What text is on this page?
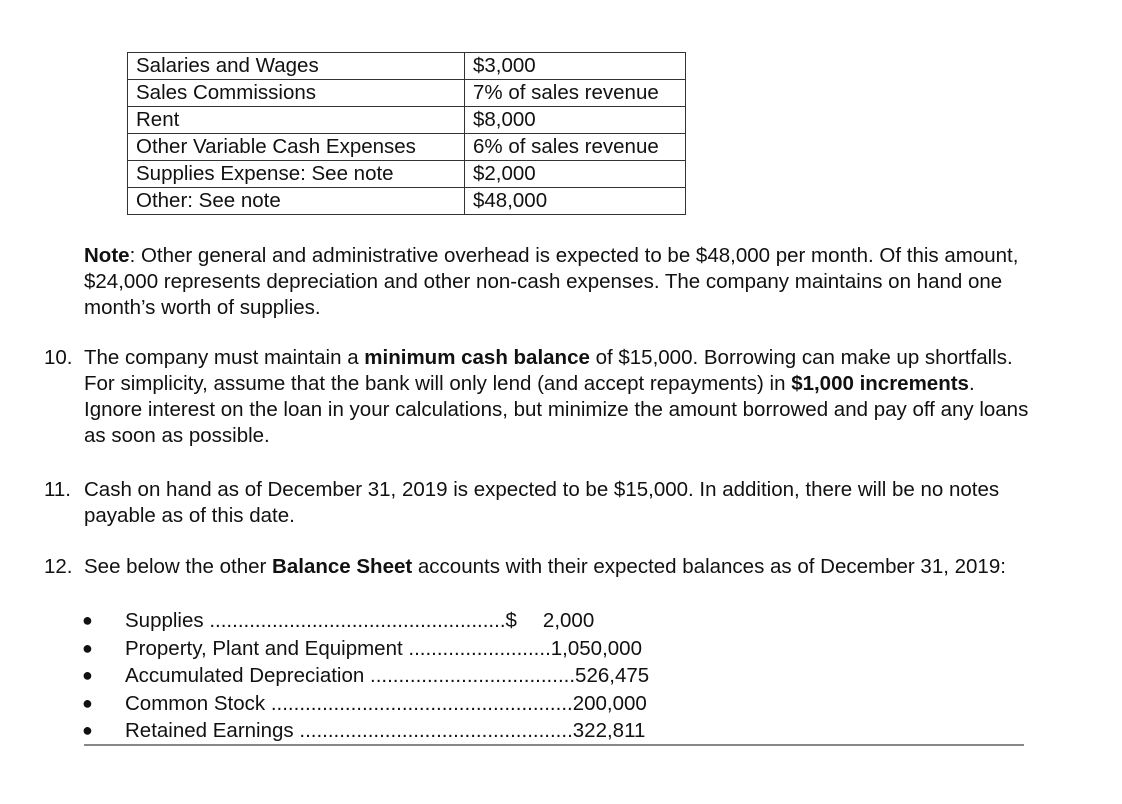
Salaries and Wages	$3,000
Sales Commissions	7% of sales revenue
Rent	$8,000
Other Variable Cash Expenses	6% of sales revenue
Supplies Expense: See note	$2,000
Other: See note	$48,000
Note: Other general and administrative overhead is expected to be $48,000 per month. Of this amount, $24,000 represents depreciation and other non-cash expenses. The company maintains on hand one month’s worth of supplies.
10. The company must maintain a minimum cash balance of $15,000. Borrowing can make up shortfalls. For simplicity, assume that the bank will only lend (and accept repayments) in $1,000 increments. Ignore interest on the loan in your calculations, but minimize the amount borrowed and pay off any loans as soon as possible.
11. Cash on hand as of December 31, 2019 is expected to be $15,000. In addition, there will be no notes payable as of this date.
12. See below the other Balance Sheet accounts with their expected balances as of December 31, 2019:
● Supplies ....................................................$ 2,000
● Property, Plant and Equipment .........................1,050,000
● Accumulated Depreciation ....................................526,475
● Common Stock .....................................................200,000
● Retained Earnings ................................................322,811
